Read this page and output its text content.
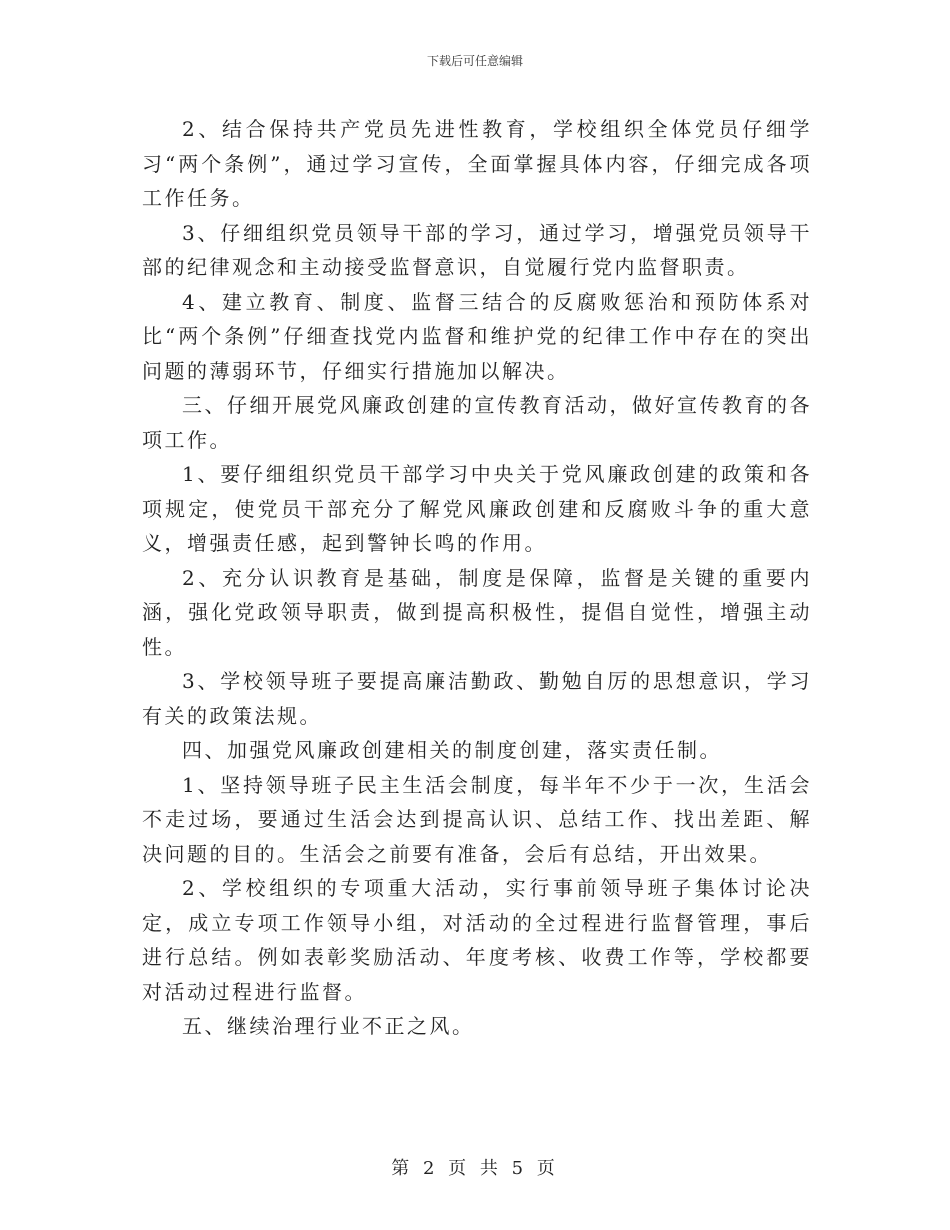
下载后可任意编辑

2、结合保持共产党员先进性教育，学校组织全体党员仔细学习“两个条例”，通过学习宣传，全面掌握具体内容，仔细完成各项工作任务。

3、仔细组织党员领导干部的学习，通过学习，增强党员领导干部的纪律观念和主动接受监督意识，自觉履行党内监督职责。

4、建立教育、制度、监督三结合的反腐败惩治和预防体系对比“两个条例”仔细查找党内监督和维护党的纪律工作中存在的突出问题的薄弱环节，仔细实行措施加以解决。

三、仔细开展党风廉政创建的宣传教育活动，做好宣传教育的各项工作。

1、要仔细组织党员干部学习中央关于党风廉政创建的政策和各项规定，使党员干部充分了解党风廉政创建和反腐败斗争的重大意义，增强责任感，起到警钟长鸣的作用。

2、充分认识教育是基础，制度是保障，监督是关键的重要内涵，强化党政领导职责，做到提高积极性，提倡自觉性，增强主动性。

3、学校领导班子要提高廉洁勤政、勤勉自厉的思想意识，学习有关的政策法规。

四、加强党风廉政创建相关的制度创建，落实责任制。

1、坚持领导班子民主生活会制度，每半年不少于一次，生活会不走过场，要通过生活会达到提高认识、总结工作、找出差距、解决问题的目的。生活会之前要有准备，会后有总结，开出效果。

2、学校组织的专项重大活动，实行事前领导班子集体讨论决定，成立专项工作领导小组，对活动的全过程进行监督管理，事后进行总结。例如表彰奖励活动、年度考核、收费工作等，学校都要对活动过程进行监督。

五、继续治理行业不正之风。

第 2 页 共 5 页
